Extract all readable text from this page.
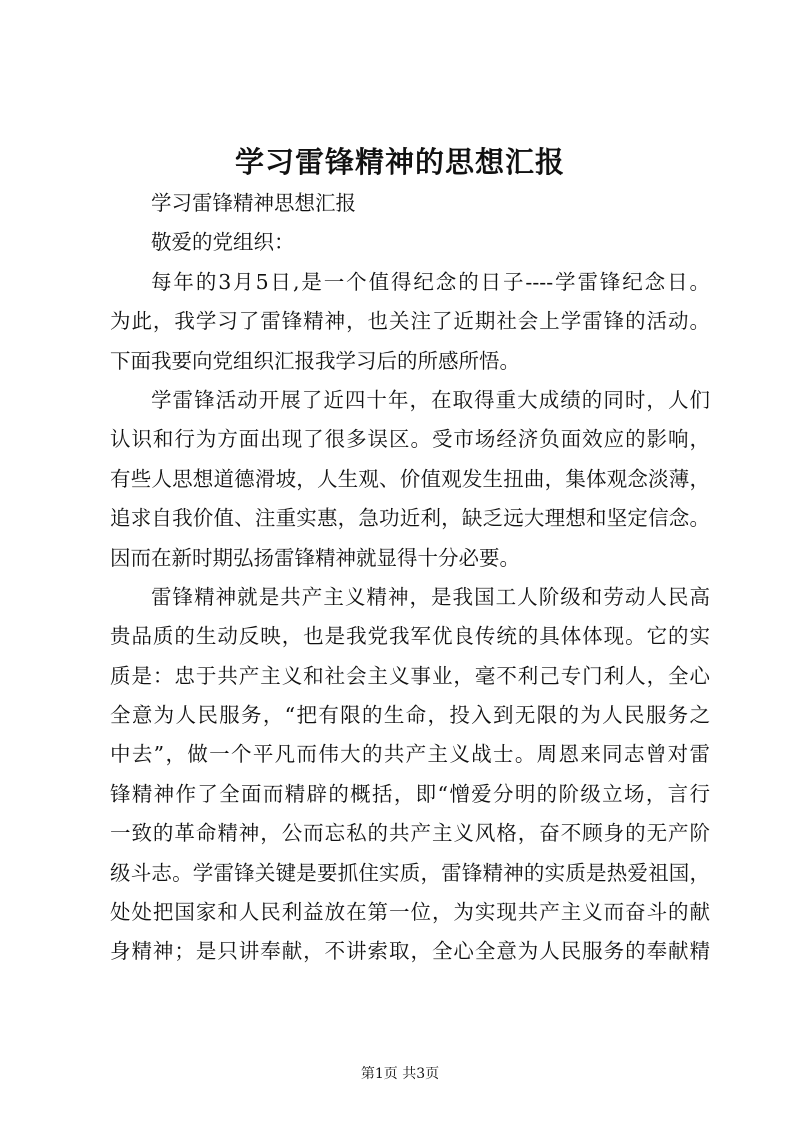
学习雷锋精神的思想汇报
学习雷锋精神思想汇报
敬爱的党组织：
每年的3月5日,是一个值得纪念的日子----学雷锋纪念日。
为此，我学习了雷锋精神，也关注了近期社会上学雷锋的活动。
下面我要向党组织汇报我学习后的所感所悟。
学雷锋活动开展了近四十年，在取得重大成绩的同时，人们
认识和行为方面出现了很多误区。受市场经济负面效应的影响，
有些人思想道德滑坡，人生观、价值观发生扭曲，集体观念淡薄，
追求自我价值、注重实惠，急功近利，缺乏远大理想和坚定信念。
因而在新时期弘扬雷锋精神就显得十分必要。
雷锋精神就是共产主义精神，是我国工人阶级和劳动人民高
贵品质的生动反映，也是我党我军优良传统的具体体现。它的实
质是：忠于共产主义和社会主义事业，毫不利己专门利人，全心
全意为人民服务，“把有限的生命，投入到无限的为人民服务之
中去”，做一个平凡而伟大的共产主义战士。周恩来同志曾对雷
锋精神作了全面而精辟的概括，即“憎爱分明的阶级立场，言行
一致的革命精神，公而忘私的共产主义风格，奋不顾身的无产阶
级斗志。学雷锋关键是要抓住实质，雷锋精神的实质是热爱祖国，
处处把国家和人民利益放在第一位，为实现共产主义而奋斗的献
身精神；是只讲奉献，不讲索取，全心全意为人民服务的奉献精
第1页 共3页
